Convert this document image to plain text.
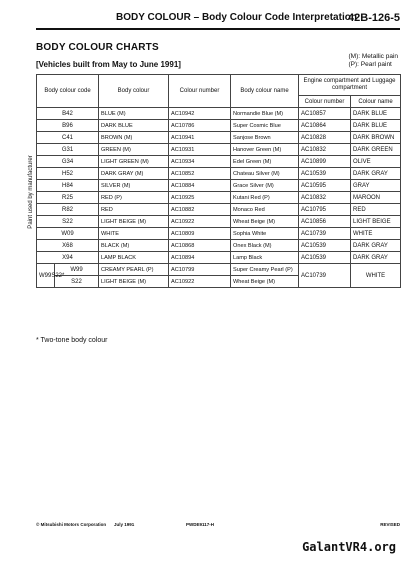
BODY COLOUR – Body Colour Code Interpretation
42B-126-5
BODY COLOUR CHARTS
[Vehicles built from May to June 1991]
(M): Metallic pain
(P): Pearl paint
Paint used by manufacturer
Body colour code		Body colour	Colour number	Body colour name	Engine compartment and Luggage compartment	
					Colour number	Colour name
B42		BLUE (M)	AC10942	Normandie Blue (M)	AC10857	DARK BLUE
B96		DARK BLUE	AC10786	Super Cosmic Blue	AC10864	DARK BLUE
C41		BROWN (M)	AC10941	Sanjose Brown	AC10828	DARK BROWN
G31		GREEN (M)	AC10931	Hanover Green (M)	AC10832	DARK GREEN
G34		LIGHT GREEN (M)	AC10934	Edel Green (M)	AC10899	OLIVE
H52		DARK GRAY (M)	AC10852	Chateau Silver (M)	AC10539	DARK GRAY
H84		SILVER (M)	AC10884	Grace Silver (M)	AC10595	GRAY
R25		RED (P)	AC10925	Kutani Red (P)	AC10832	MAROON
R82		RED	AC10882	Monaco Red	AC10795	RED
S22		LIGHT BEIGE (M)	AC10922	Wheat Beige (M)	AC10856	LIGHT BEIGE
W09		WHITE	AC10809	Sophia White	AC10739	WHITE
X68		BLACK (M)	AC10868	Onex Black (M)	AC10539	DARK GRAY
X94		LAMP BLACK	AC10894	Lamp Black	AC10539	DARK GRAY
W99S22*	W99	CREAMY PEARL (P)	AC10799	Super Creamy Pearl (P)	AC10739	WHITE
	S22	LIGHT BEIGE (M)	AC10922	Wheat Beige (M)		
* Two-tone body colour
© Mitsubishi Motors Corporation July 1991	PWDE9117-H	REVISED
GalantVR4.org
